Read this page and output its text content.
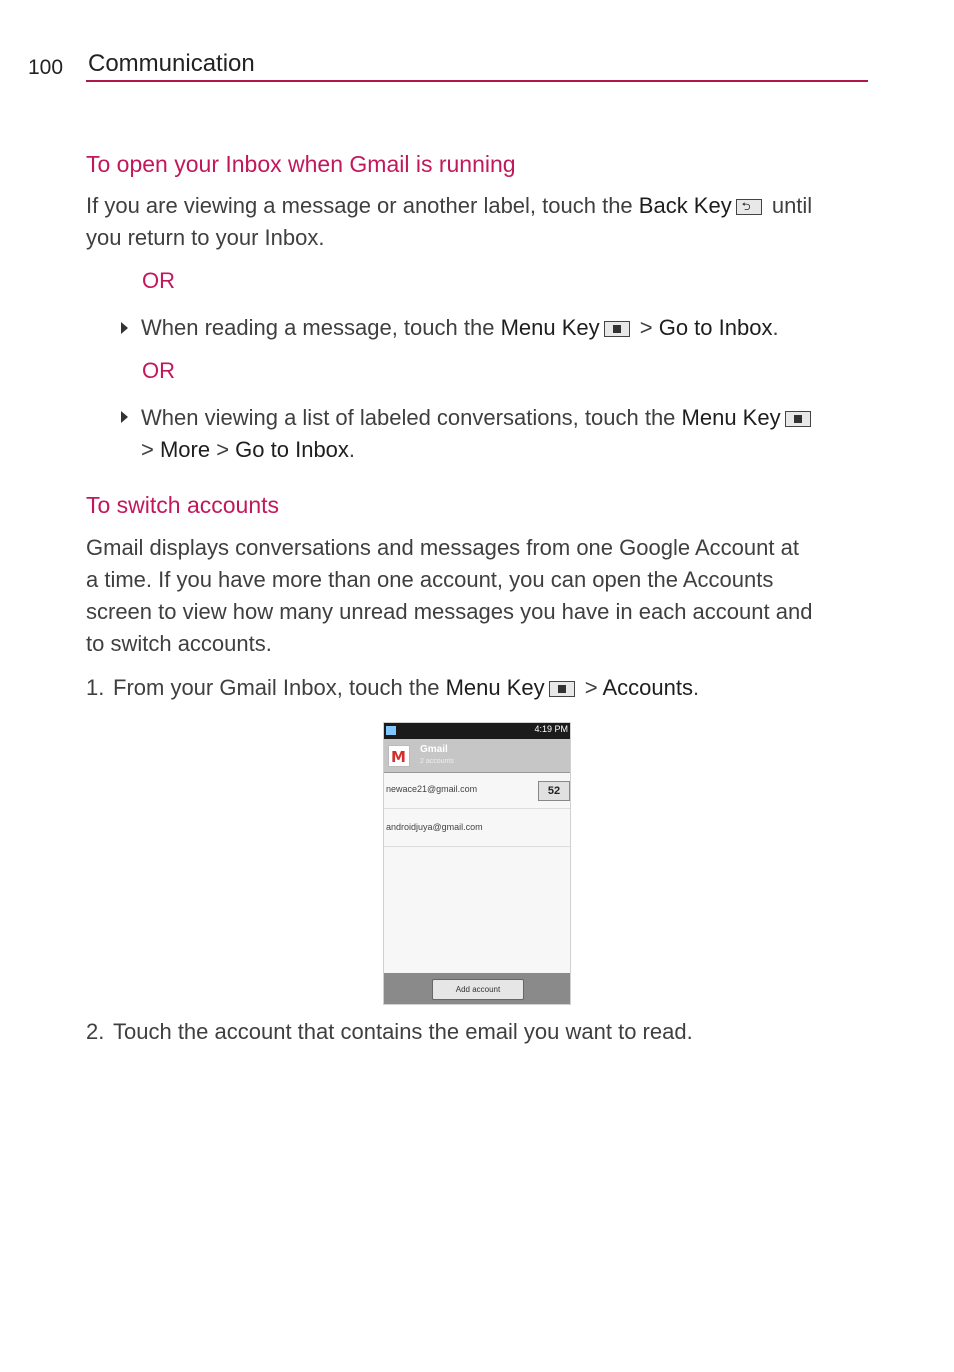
100 Communication
To open your Inbox when Gmail is running
If you are viewing a message or another label, touch the Back Key ⮌ until
you return to your Inbox.
OR
When reading a message, touch the Menu Key
> Go to Inbox.
OR
When viewing a list of labeled conversations, touch the Menu Key

> More > Go to Inbox.
To switch accounts
Gmail displays conversations and messages from one Google Account at
a time. If you have more than one account, you can open the Accounts
screen to view how many unread messages you have in each account and
to switch accounts.
1. From your Gmail Inbox, touch the Menu Key
> Accounts.
4:19 PM
M Gmail
2 accounts
newace21@gmail.com	52
androidjuya@gmail.com
Add account
2. Touch the account that contains the email you want to read.
